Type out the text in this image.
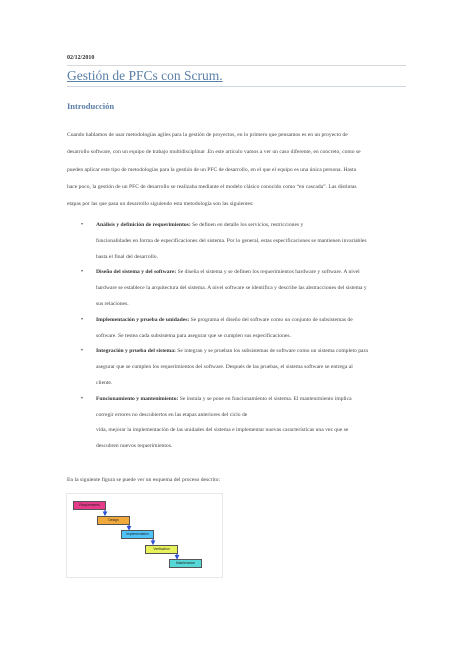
02/12/2010
Gestión de PFCs con Scrum.
Introducción

Cuando hablamos de usar metodologías agiles para la gestión de proyectos, en lo primero que pensamos es en un proyecto de
desarrollo software, con un equipo de trabajo multidisciplinar .En este articulo vamos a ver un caso diferente, en concreto, como se
pueden aplicar este tipo de metodologías para la gestión de un PFC de desarrollo, en el que el equipo es una única persona. Hasta
hace poco, la gestión de un PFC de desarrollo se realizaba mediante el modelo clásico conocido como “en cascada”. Las distintas
etapas por las que pasa un desarrollo siguiendo esta metodología son las siguientes:

• Análisis y definición de requerimientos: Se definen en detalle los servicios, restricciones y
funcionalidades en forma de especificaciones del sistema. Por lo general, estas especificaciones se mantienen invariables
hasta el final del desarrollo.
• Diseño del sistema y del software: Se diseña el sistema y se definen los requerimientos hardware y software. A nivel
hardware se establece la arquitectura del sistema. A nivel software se identifica y describe las abstracciones del sistema y
sus relaciones.
• Implementación y prueba de unidades: Se programa el diseño del software como un conjunto de subsistemas de
software. Se testea cada subsistema para asegurar que se cumplen sus especificaciones.
• Integración y prueba del sistema: Se integran y se prueban los subsistemas de software como un sistema completo para
asegurar que se cumplen los requerimientos del software. Después de las pruebas, el sistema software se entrega al
cliente.
• Funcionamiento y mantenimiento: Se instala y se pone en funcionamiento el sistema. El mantenimiento implica
corregir errores no descubiertos en las etapas anteriores del ciclo de
vida, mejorar la implementación de las unidades del sistema e implementar nuevas características una vez que se
descubren nuevos requerimientos.

En la siguiente figura se puede ver un esquema del proceso descrito:

Requirements
Design
Implementation
Verification
Maintenance
